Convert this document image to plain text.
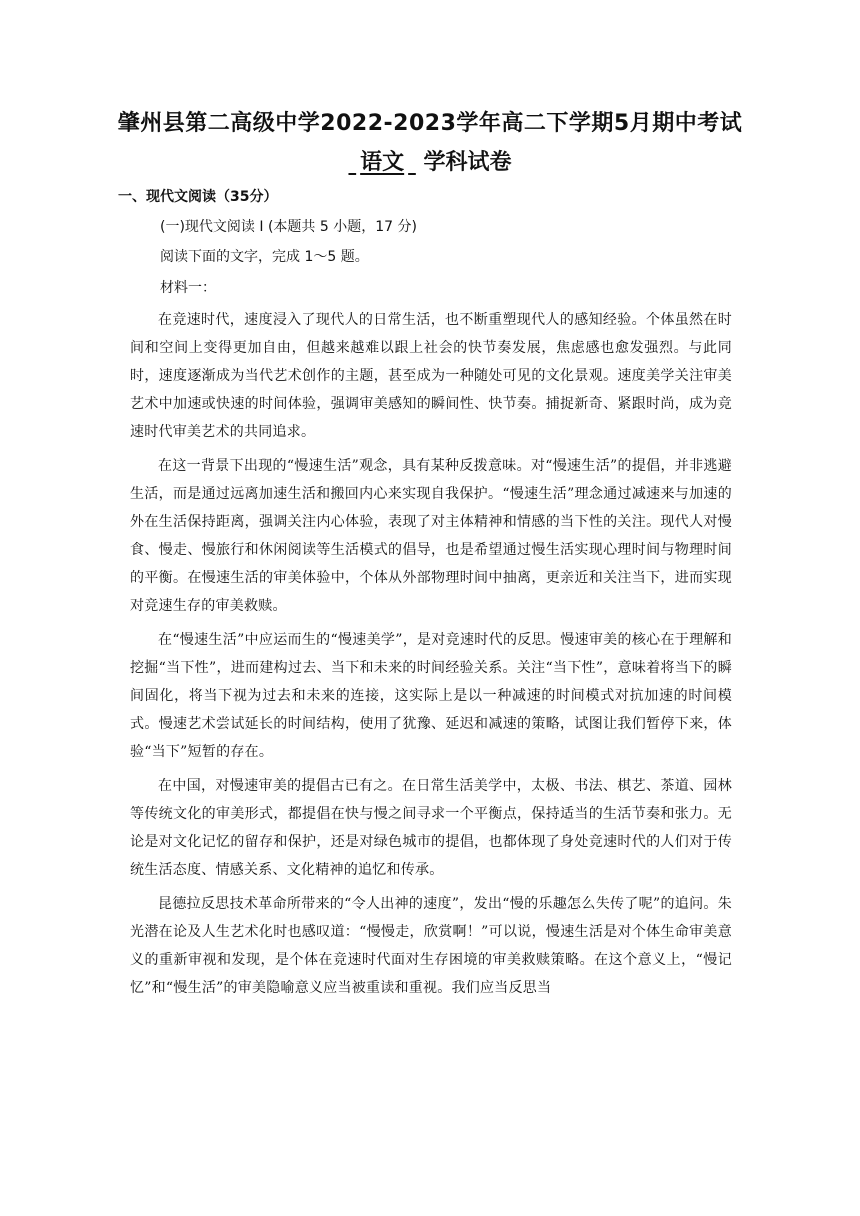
肇州县第二高级中学2022-2023学年高二下学期5月期中考试
语文 学科试卷
一、现代文阅读（35分）
(一)现代文阅读 I (本题共 5 小题，17 分)
阅读下面的文字，完成 1～5 题。
材料一：

在竞速时代，速度浸入了现代人的日常生活，也不断重塑现代人的感知经验。个体虽然在时间和空间上变得更加自由，但越来越难以跟上社会的快节奏发展，焦虑感也愈发强烈。与此同时，速度逐渐成为当代艺术创作的主题，甚至成为一种随处可见的文化景观。速度美学关注审美艺术中加速或快速的时间体验，强调审美感知的瞬间性、快节奏。捕捉新奇、紧跟时尚，成为竞速时代审美艺术的共同追求。

在这一背景下出现的“慢速生活”观念，具有某种反拨意味。对“慢速生活”的提倡，并非逃避生活，而是通过远离加速生活和搬回内心来实现自我保护。“慢速生活”理念通过减速来与加速的外在生活保持距离，强调关注内心体验，表现了对主体精神和情感的当下性的关注。现代人对慢食、慢走、慢旅行和休闲阅读等生活模式的倡导，也是希望通过慢生活实现心理时间与物理时间的平衡。在慢速生活的审美体验中，个体从外部物理时间中抽离，更亲近和关注当下，进而实现对竞速生存的审美救赎。

在“慢速生活”中应运而生的“慢速美学”，是对竞速时代的反思。慢速审美的核心在于理解和挖掘“当下性”，进而建构过去、当下和未来的时间经验关系。关注“当下性”，意味着将当下的瞬间固化，将当下视为过去和未来的连接，这实际上是以一种减速的时间模式对抗加速的时间模式。慢速艺术尝试延长的时间结构，使用了犹豫、延迟和减速的策略，试图让我们暂停下来，体验“当下”短暂的存在。

在中国，对慢速审美的提倡古已有之。在日常生活美学中，太极、书法、棋艺、茶道、园林等传统文化的审美形式，都提倡在快与慢之间寻求一个平衡点，保持适当的生活节奏和张力。无论是对文化记忆的留存和保护，还是对绿色城市的提倡，也都体现了身处竞速时代的人们对于传统生活态度、情感关系、文化精神的追忆和传承。

昆德拉反思技术革命所带来的“令人出神的速度”，发出“慢的乐趣怎么失传了呢”的追问。朱光潜在论及人生艺术化时也感叹道：“慢慢走，欣赏啊！”可以说，慢速生活是对个体生命审美意义的重新审视和发现，是个体在竞速时代面对生存困境的审美救赎策略。在这个意义上，“慢记忆”和“慢生活”的审美隐喻意义应当被重读和重视。我们应当反思当
